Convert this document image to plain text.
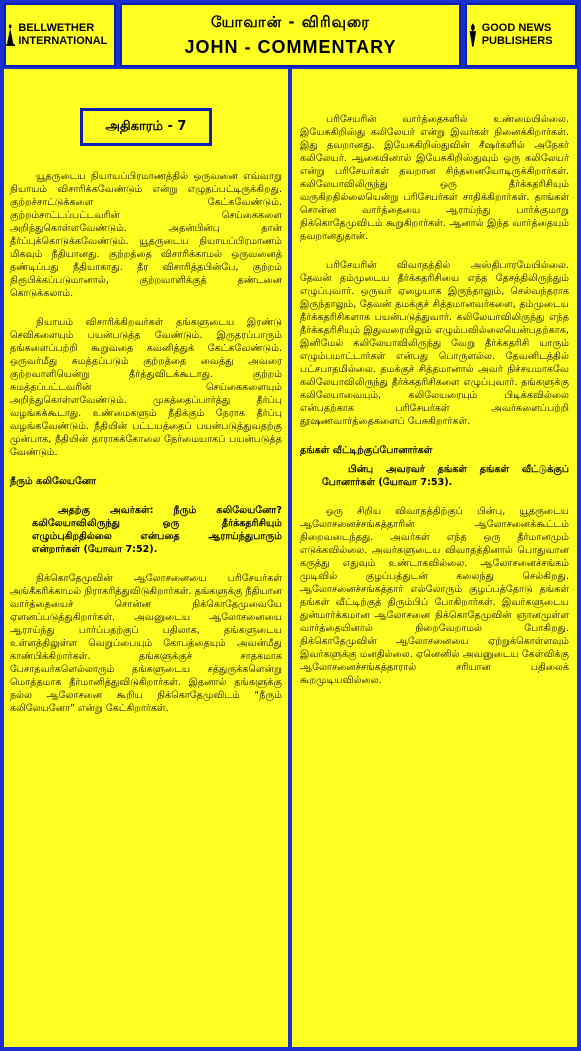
BELLWETHER INTERNATIONAL
யோவான் - விரிவுரை
JOHN - COMMENTARY
GOOD NEWS PUBLISHERS
அதிகாரம் - 7

யூதருடைய நியாயப்பிரமாணத்தில் ஒருவனை எவ்வாறு நியாயம் விசாரிக்கவேண்டும் என்று எழுதப்பட்டிருக்கிறது. குற்றச்சாட்டுக்களை கேட்கவேண்டும். குற்றம்சாட்டப்பட்டவரின் செய்கைகளை அறிந்துகொள்ளவேண்டும். அதன்பின்பு தான் தீர்ப்புக்கொடுக்கவேண்டும். யூதருடைய நியாயப்பிரமாணம் மிகவும் நீதியானது. குற்றத்தை விசாரிக்காமல் ஒருவனைத் தண்டிப்பது நீதியாகாது. தீர விசாரித்தபின்பே, குற்றம் நிரூபிக்கப்படுமானால், குற்றவாளிக்குத் தண்டனை கொடுக்கலாம்.

நியாயம் விசாரிக்கிறவர்கள் தங்களுடைய இரண்டு செவிகளையும் பயன்படுத்த வேண்டும். இருதரப்பாரும் தங்களைப்பற்றி கூறுவதை கவனித்துக் கேட்கவேண்டும். ஒருவர்மீது சுமத்தப்படும் குற்றத்தை வைத்து அவரை குற்றவாளியென்று தீர்த்துவிடக்கூடாது. குற்றம் சுமத்தப்பட்டவரின் செய்கைகளையும் அறிந்துகொள்ளவேண்டும். முகத்தைப்பார்த்து தீர்ப்பு வழங்கக்கூடாது. உண்மைகளும் நீதிக்கும் நேராக தீர்ப்பு வழங்கவேண்டும். நீதியின் பட்டயத்தைப் பயன்படுத்துவதற்கு முன்பாக, நீதியின் தாராசுக்கோலை நேர்மையாகப் பயன்படுத்த வேண்டும்.

நீரும் கலிலேயனோ

அதற்கு அவர்கள்: நீரும் கலிலேயனோ? கலிலேயாவிலிருந்து ஒரு தீர்க்கதரிசியும் எழும்புகிறதில்லை என்பதை ஆராய்ந்துபாரும் என்றார்கள் (யோவா 7:52).

நிக்கொதேமுவின் ஆலோசனையை பரிசேயர்கள் அங்கீகரிக்காமல் நிராகரித்துவிடுகிறார்கள். தங்களுக்கு நீதியான வார்த்தையைச் சொன்ன நிக்கொதேமுவையே ஏளனப்படுத்துகிறார்கள். அவனுடைய ஆலோசனையை ஆராய்ந்து பார்ப்பதற்குப் பதிலாக, தங்களுடைய உள்ளத்திலுள்ள வெறுப்பையும் கோபத்தையும் அவன்மீது காண்பிக்கிறார்கள். தங்களுக்குச் சாதகமாக பேசாதவர்களெல்லாரும் தங்களுடைய சத்துருக்களென்று மொத்தமாக தீர்மானித்துவிடுகிறார்கள். இதனால் தங்களுக்கு நல்ல ஆலோசனை கூறிய நிக்கொதேமுவிடம் “நீரும் கலிலேயனோ” என்று கேட்கிறார்கள்.

பரிசேயரின் வார்த்தைகளில் உண்மையில்லை. இயேசுகிறிஸ்து கலிலேயர் என்று இவர்கள் நினைக்கிறார்கள். இது தவறானது. இயேசுகிறிஸ்துவின் சீஷர்களில் அநேகர் கலிலேயர். ஆகையினால் இயேசுகிறிஸ்துவும் ஒரு கலிலேயர் என்று பரிசேயர்கள் தவறான சிந்தனையோடிருக்கிறார்கள். கலிலேயாவிலிருந்து ஒரு தீர்க்கதரிசியும் வருகிறதில்லையென்று பரிசேயர்கள் சாதிக்கிறார்கள். தாங்கள் சொன்ன வார்த்தையை ஆராய்ந்து பார்க்குமாறு நிக்கொதேமுவிடம் கூறுகிறார்கள். ஆனால் இந்த வார்த்தையும் தவறானதுதான்.

பரிசேயரின் விவாதத்தில் அஸ்திபாரமேயில்லை. தேவன் தம்முடைய தீர்க்கதரிசியை எந்த தேசத்திலிருந்தும் எழுப்புவார். ஒருவர் ஏழையாக இருந்தாலும், செல்வந்தராக இருந்தாலும், தேவன் தமக்குச் சித்தமானவர்களை, தம்முடைய தீர்க்கதரிசிகளாக பயன்படுத்துவார். கலிலேயாவிலிருந்து எந்த தீர்க்கதரிசியும் இதுவரையிலும் எழும்பவில்லையென்பதற்காக, இனிமேல் கலிலேயாவிலிருந்து வேறு தீர்க்கதரிசி யாரும் எழும்பமாட்டார்கள் என்பது பொருளல்ல. தேவனிடத்தில் பட்சபாதமில்லை. தமக்குச் சித்தமானால் அவர் நிச்சயமாகவே கலிலேயாவிலிருந்து தீர்க்கதரிசிகளை எழுப்புவார். தங்களுக்கு கலிலேயாவையும், கலிலேயரையும் பிடிக்கவில்லை என்பதற்காக பரிசேயர்கள் அவர்களைப்பற்றி தூஷணவார்த்தைகளைப் பேசுகிறார்கள்.

தங்கள் வீட்டிற்குப்போனார்கள்

பின்பு அவரவர் தங்கள் தங்கள் வீட்டுக்குப் போனார்கள் (யோவா 7:53).

ஒரு சிறிய விவாதத்திற்குப் பின்பு, யூதருடைய ஆலோசனைச்சங்கத்தாரின் ஆலோசனைக்கூட்டம் நிறைவடைந்தது. அவர்கள் எந்த ஒரு தீர்மானமும் எடுக்கவில்லை. அவர்களுடைய விவாதத்தினால் பொதுவான கருத்து எதுவும் உண்டாகவில்லை. ஆலோசனைச்சங்கம் முடிவில் குழப்பத்துடன் கலைந்து செல்கிறது. ஆலோசனைச்சங்கத்தார் எல்லோரும் குழப்பத்தோடு தங்கள் தங்கள் வீட்டிற்குத் திரும்பிப் போகிறார்கள். இவர்களுடைய துன்மார்க்கமான ஆலோசனை நிக்கொதேமுவின் ஞானமுள்ள வார்த்தையினால் நிறைவேறாமல் போகிறது. நிக்கொதேமுவின் ஆலோசனையை ஏற்றுக்கொள்ளவும் இவர்களுக்கு மனதில்லை. ஏனெனில் அவனுடைய கேள்விக்கு ஆலோசனைச்சங்கத்தாரால் சரியான பதிலைக் கூறமுடியவில்லை.
